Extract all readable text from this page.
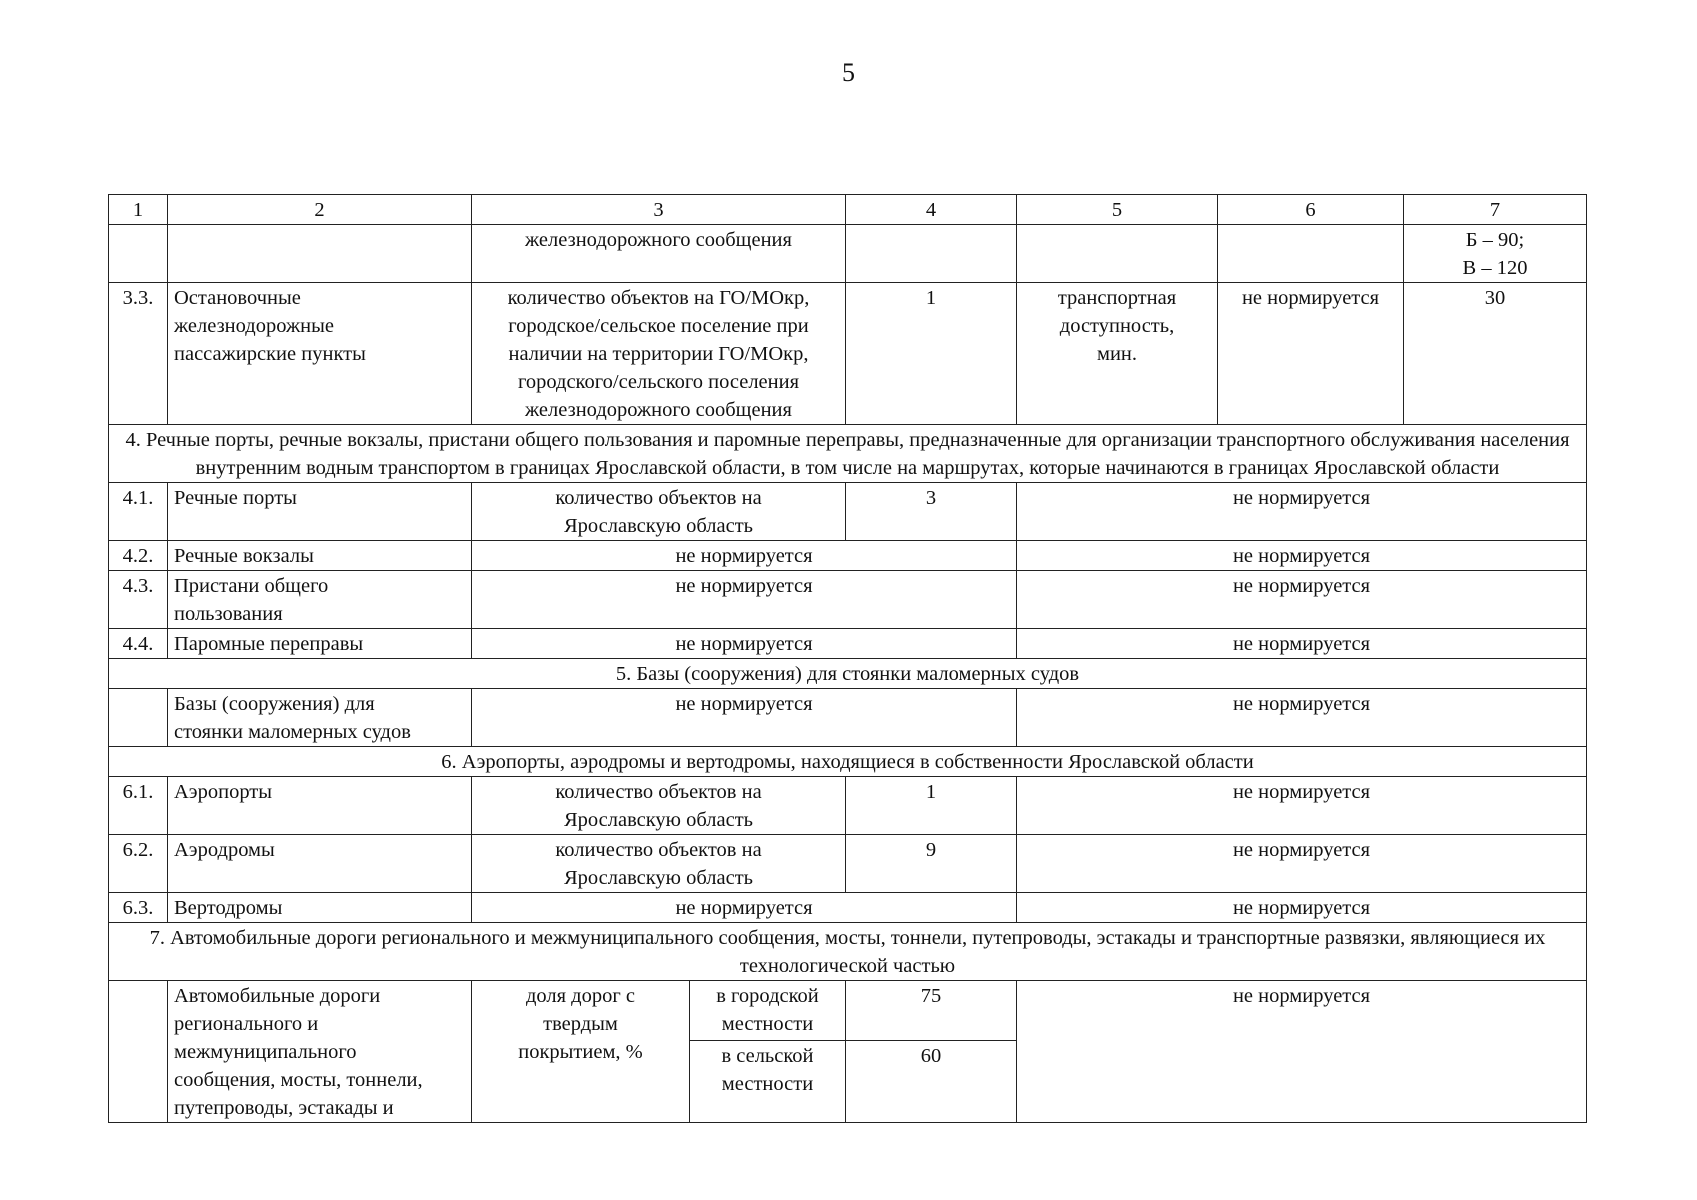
5
1	2	3		4	5	6	7
		железнодорожного сообщения					Б – 90;
В – 120
3.3.	Остановочные
железнодорожные
пассажирские пункты	количество объектов на ГО/МОкр,
городское/сельское поселение при
наличии на территории ГО/МОкр,
городского/сельского поселения
железнодорожного сообщения		1	транспортная
доступность,
мин.	не нормируется	30
4. Речные порты, речные вокзалы, пристани общего пользования и паромные переправы, предназначенные для организации транспортного обслуживания населения внутренним водным транспортом в границах Ярославской области, в том числе на маршрутах, которые начинаются в границах Ярославской области							
4.1.	Речные порты	количество объектов на
Ярославскую область		3	не нормируется		
4.2.	Речные вокзалы	не нормируется			не нормируется		
4.3.	Пристани общего
пользования	не нормируется			не нормируется		
4.4.	Паромные переправы	не нормируется			не нормируется		
5. Базы (сооружения) для стоянки маломерных судов							
	Базы (сооружения) для
стоянки маломерных судов	не нормируется			не нормируется		
6. Аэропорты, аэродромы и вертодромы, находящиеся в собственности Ярославской области							
6.1.	Аэропорты	количество объектов на
Ярославскую область		1	не нормируется		
6.2.	Аэродромы	количество объектов на
Ярославскую область		9	не нормируется		
6.3.	Вертодромы	не нормируется			не нормируется		
7. Автомобильные дороги регионального и межмуниципального сообщения, мосты, тоннели, путепроводы, эстакады и транспортные развязки, являющиеся их технологической частью							
	Автомобильные дороги
регионального и
межмуниципального
сообщения, мосты, тоннели,
путепроводы, эстакады и	доля дорог с
твердым
покрытием, %	в городской
местности	75	не нормируется		
			в сельской
местности	60			
